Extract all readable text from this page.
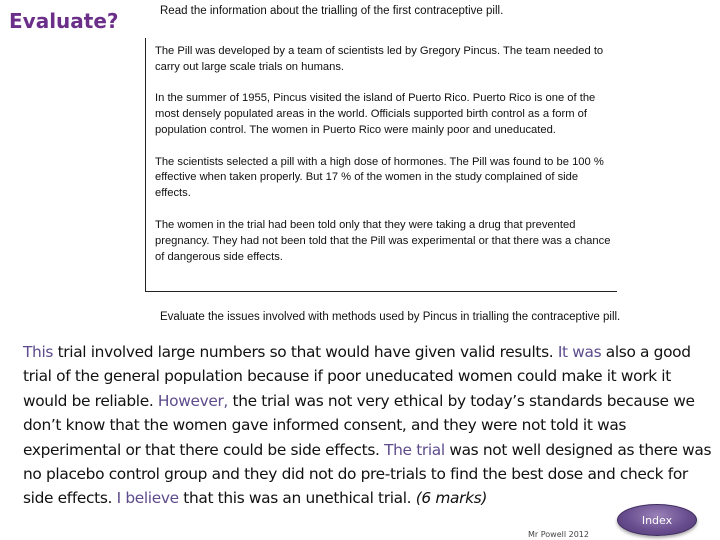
Evaluate?	Read the information about the trialling of the first contraceptive pill.

The Pill was developed by a team of scientists led by Gregory Pincus. The team needed to carry out large scale trials on humans.

In the summer of 1955, Pincus visited the island of Puerto Rico. Puerto Rico is one of the most densely populated areas in the world. Officials supported birth control as a form of population control. The women in Puerto Rico were mainly poor and uneducated.

The scientists selected a pill with a high dose of hormones. The Pill was found to be 100 % effective when taken properly. But 17 % of the women in the study complained of side effects.

The women in the trial had been told only that they were taking a drug that prevented pregnancy. They had not been told that the Pill was experimental or that there was a chance of dangerous side effects.

Evaluate the issues involved with methods used by Pincus in trialling the contraceptive pill.
This trial involved large numbers so that would have given valid results. It was also a good trial of the general population because if poor uneducated women could make it work it would be reliable. However, the trial was not very ethical by today’s standards because we don’t know that the women gave informed consent, and they were not told it was experimental or that there could be side effects. The trial was not well designed as there was no placebo control group and they did not do pre-trials to find the best dose and check for side effects. I believe that this was an unethical trial. (6 marks)
Mr Powell 2012
Index
